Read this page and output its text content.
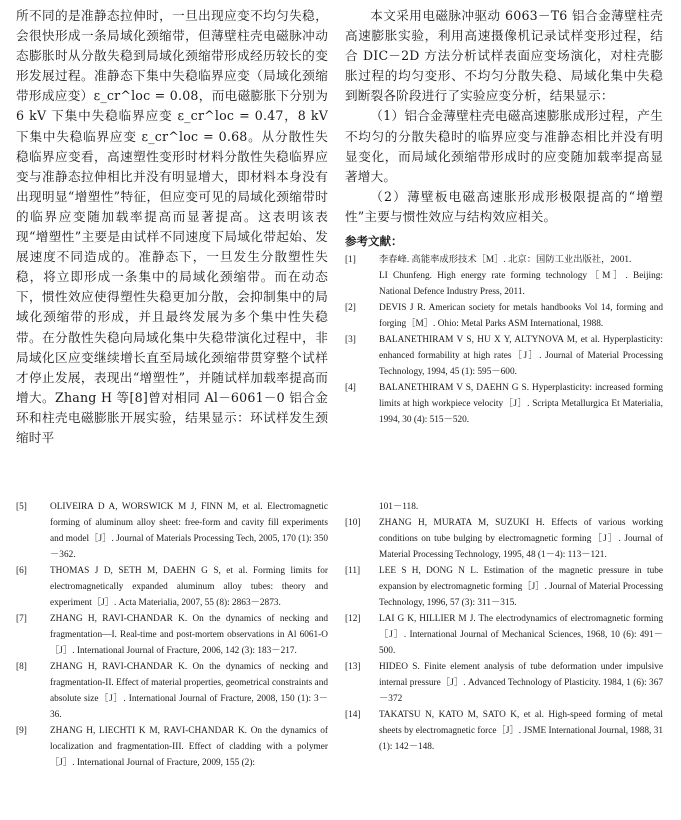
所不同的是准静态拉伸时，一旦出现应变不均匀失稳，会很快形成一条局域化颈缩带，但薄壁柱壳电磁脉冲动态膨胀时从分散失稳到局域化颈缩带形成经历较长的变形发展过程。准静态下集中失稳临界应变（局域化颈缩带形成应变）ε_cr^loc = 0.08，而电磁膨胀下分别为 6 kV 下集中失稳临界应变 ε_cr^loc = 0.47，8 kV 下集中失稳临界应变 ε_cr^loc = 0.68。从分散性失稳临界应变看，高速塑性变形时材料分散性失稳临界应变与准静态拉伸相比并没有明显增大，即材料本身没有出现明显“增塑性”特征，但应变可见的局域化颈缩带时的临界应变随加载率提高而显著提高。这表明该表现“增塑性”主要是由试样不同速度下局域化带起始、发展速度不同造成的。准静态下，一旦发生分散塑性失稳，将立即形成一条集中的局域化颈缩带。而在动态下，惯性效应使得塑性失稳更加分散，会抑制集中的局域化颈缩带的形成，并且最终发展为多个集中性失稳带。在分散性失稳向局域化集中失稳带演化过程中，非局域化区应变继续增长直至局域化颈缩带贯穿整个试样才停止发展，表现出“增塑性”，并随试样加载率提高而增大。Zhang H 等[8]曾对相同 Al－6061－0 铝合金环和柱壳电磁膨胀开展实验，结果显示：环试样发生颈缩时平

本文采用电磁脉冲驱动 6063－T6 铝合金薄壁柱壳高速膨胀实验，利用高速摄像机记录试样变形过程，结合 DIC－2D 方法分析试样表面应变场演化，对柱壳膨胀过程的均匀变形、不均匀分散失稳、局域化集中失稳到断裂各阶段进行了实验应变分析，结果显示：

（1）铝合金薄壁柱壳电磁高速膨胀成形过程，产生不均匀的分散失稳时的临界应变与准静态相比并没有明显变化，而局域化颈缩带形成时的应变随加载率提高显著增大。

（2）薄壁板电磁高速胀形成形极限提高的“增塑性”主要与惯性效应与结构效应相关。

参考文献：
[1]	李春峰. 高能率成形技术［M］. 北京：国防工业出版社，2001.
LI Chunfeng. High energy rate forming technology［M］. Beijing: National Defence Industry Press, 2011.
[2]	DEVIS J R. American society for metals handbooks Vol 14, forming and forging［M］. Ohio: Metal Parks ASM International, 1988.
[3]	BALANETHIRAM V S, HU X Y, ALTYNOVA M, et al. Hyperplasticity: enhanced formability at high rates［J］. Journal of Material Processing Technology, 1994, 45 (1): 595－600.
[4]	BALANETHIRAM V S, DAEHN G S. Hyperplasticity: increased forming limits at high workpiece velocity［J］. Scripta Metallurgica Et Materialia, 1994, 30 (4): 515－520.
[5]	OLIVEIRA D A, WORSWICK M J, FINN M, et al. Electromagnetic forming of aluminum alloy sheet: free-form and cavity fill experiments and model［J］. Journal of Materials Processing Tech, 2005, 170 (1): 350－362.
[6]	THOMAS J D, SETH M, DAEHN G S, et al. Forming limits for electromagnetically expanded aluminum alloy tubes: theory and experiment［J］. Acta Materialia, 2007, 55 (8): 2863－2873.
[7]	ZHANG H, RAVI-CHANDAR K. On the dynamics of necking and fragmentation—I. Real-time and post-mortem observations in Al 6061-O［J］. International Journal of Fracture, 2006, 142 (3): 183－217.
[8]	ZHANG H, RAVI-CHANDAR K. On the dynamics of necking and fragmentation-II. Effect of material properties, geometrical constraints and absolute size［J］. International Journal of Fracture, 2008, 150 (1): 3－36.
[9]	ZHANG H, LIECHTI K M, RAVI-CHANDAR K. On the dynamics of localization and fragmentation-III. Effect of cladding with a polymer［J］. International Journal of Fracture, 2009, 155 (2):
101－118.
[10]	ZHANG H, MURATA M, SUZUKI H. Effects of various working conditions on tube bulging by electromagnetic forming［J］. Journal of Material Processing Technology, 1995, 48 (1－4): 113－121.
[11]	LEE S H, DONG N L. Estimation of the magnetic pressure in tube expansion by electromagnetic forming［J］. Journal of Material Processing Technology, 1996, 57 (3): 311－315.
[12]	LAI G K, HILLIER M J. The electrodynamics of electromagnetic forming［J］. International Journal of Mechanical Sciences, 1968, 10 (6): 491－500.
[13]	HIDEO S. Finite element analysis of tube deformation under impulsive internal pressure［J］. Advanced Technology of Plasticity. 1984, 1 (6): 367－372
[14]	TAKATSU N, KATO M, SATO K, et al. High-speed forming of metal sheets by electromagnetic force［J］. JSME International Journal, 1988, 31 (1): 142－148.
